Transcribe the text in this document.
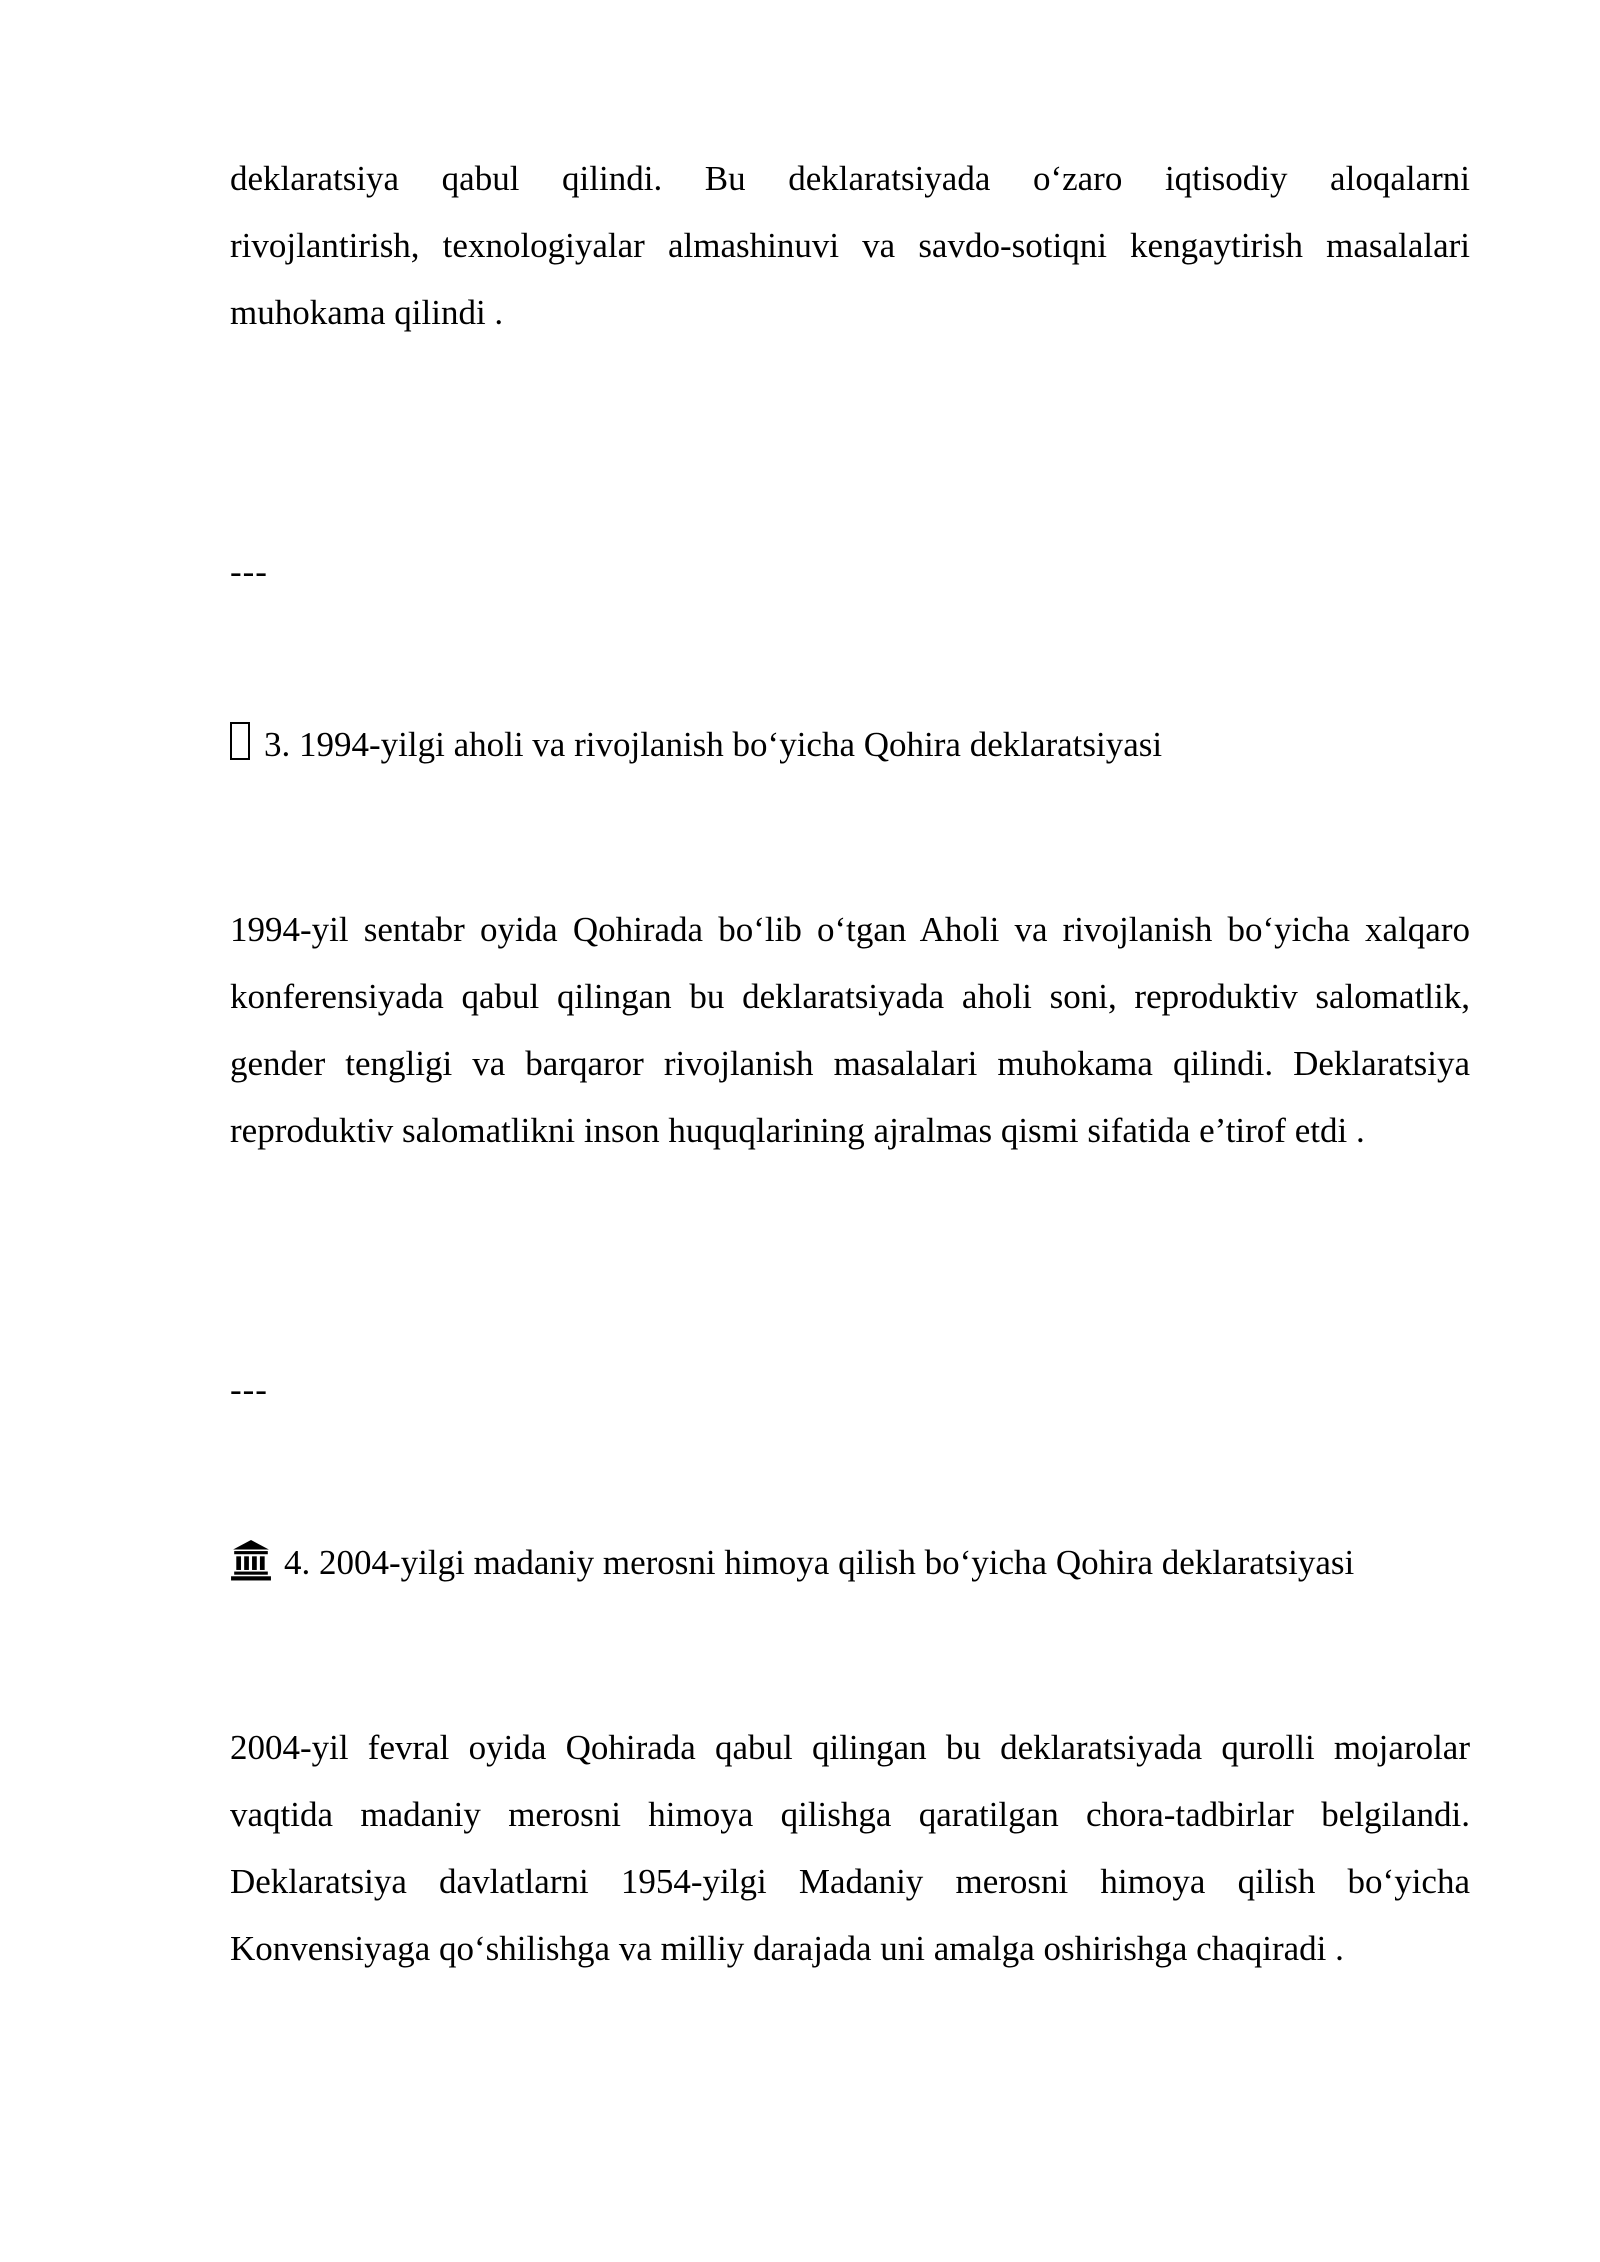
deklaratsiya qabul qilindi. Bu deklaratsiyada o‘zaro iqtisodiy aloqalarnirivojlantirish, texnologiyalar almashinuvi va savdo-sotiqni kengaytirish masalalarimuhokama qilindi .

---

3. 1994-yilgi aholi va rivojlanish bo‘yicha Qohira deklaratsiyasi

1994-yil sentabr oyida Qohirada bo‘lib o‘tgan Aholi va rivojlanish bo‘yicha xalqarokonferensiyada qabul qilingan bu deklaratsiyada aholi soni, reproduktiv salomatlik,gender tengligi va barqaror rivojlanish masalalari muhokama qilindi. Deklaratsiyareproduktiv salomatlikni inson huquqlarining ajralmas qismi sifatida e’tirof etdi .

---

4. 2004-yilgi madaniy merosni himoya qilish bo‘yicha Qohira deklaratsiyasi

2004-yil fevral oyida Qohirada qabul qilingan bu deklaratsiyada qurolli mojarolarvaqtida madaniy merosni himoya qilishga qaratilgan chora-tadbirlar belgilandi.Deklaratsiya davlatlarni 1954-yilgi Madaniy merosni himoya qilish bo‘yichaKonvensiyaga qo‘shilishga va milliy darajada uni amalga oshirishga chaqiradi .
